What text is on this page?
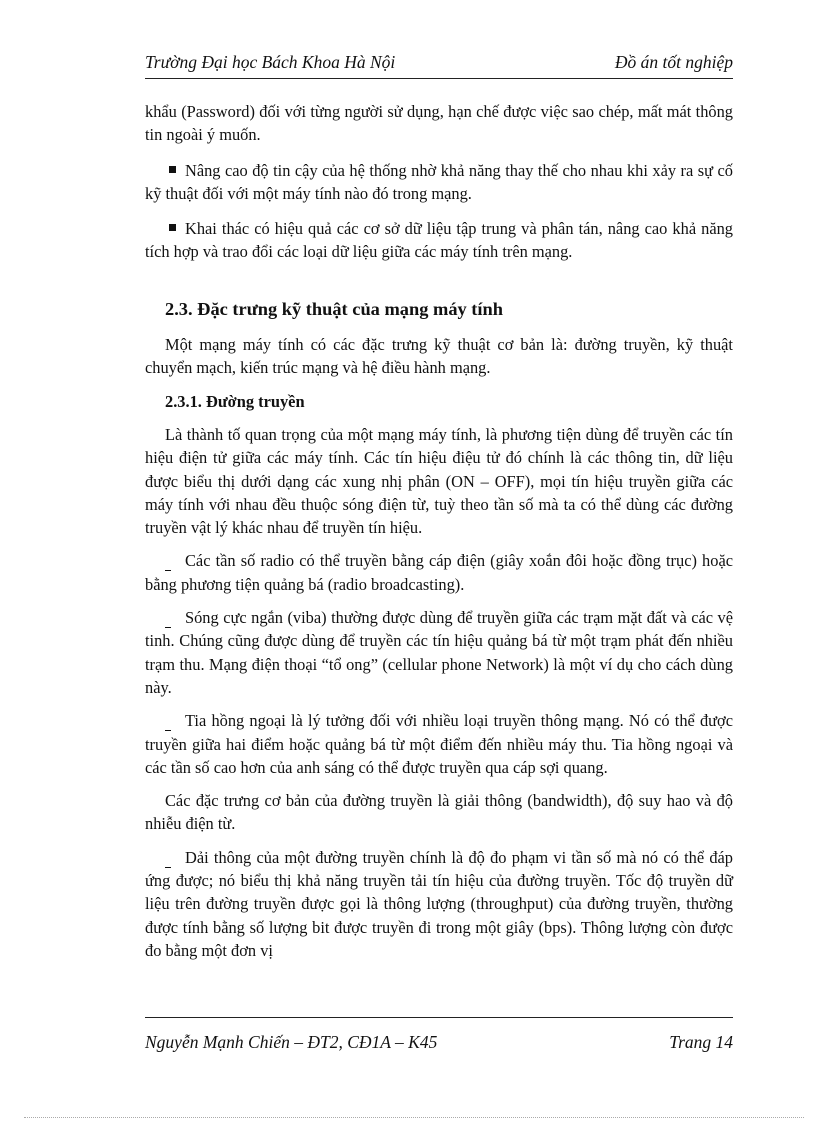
Trường Đại học Bách Khoa Hà Nội	Đồ án tốt nghiệp

khẩu (Password) đối với từng người sử dụng, hạn chế được việc sao chép, mất mát thông tin ngoài ý muốn.

Nâng cao độ tin cậy của hệ thống nhờ khả năng thay thế cho nhau khi xảy ra sự cố kỹ thuật đối với một máy tính nào đó trong mạng.

Khai thác có hiệu quả các cơ sở dữ liệu tập trung và phân tán, nâng cao khả năng tích hợp và trao đổi các loại dữ liệu giữa các máy tính trên mạng.

2.3. Đặc trưng kỹ thuật của mạng máy tính

Một mạng máy tính có các đặc trưng kỹ thuật cơ bản là: đường truyền, kỹ thuật chuyển mạch, kiến trúc mạng và hệ điều hành mạng.

2.3.1. Đường truyền

Là thành tố quan trọng của một mạng máy tính, là phương tiện dùng để truyền các tín hiệu điện tử giữa các máy tính. Các tín hiệu điệu tử đó chính là các thông tin, dữ liệu được biểu thị dưới dạng các xung nhị phân (ON – OFF), mọi tín hiệu truyền giữa các máy tính với nhau đều thuộc sóng điện từ, tuỳ theo tần số mà ta có thể dùng các đường truyền vật lý khác nhau để truyền tín hiệu.

Các tần số radio có thể truyền bằng cáp điện (giây xoắn đôi hoặc đồng trục) hoặc bằng phương tiện quảng bá (radio broadcasting).

Sóng cực ngắn (viba) thường được dùng để truyền giữa các trạm mặt đất và các vệ tinh. Chúng cũng được dùng để truyền các tín hiệu quảng bá từ một trạm phát đến nhiều trạm thu. Mạng điện thoại “tổ ong” (cellular phone Network) là một ví dụ cho cách dùng này.

Tia hồng ngoại là lý tưởng đối với nhiều loại truyền thông mạng. Nó có thể được truyền giữa hai điểm hoặc quảng bá từ một điểm đến nhiều máy thu. Tia hồng ngoại và các tần số cao hơn của anh sáng có thể được truyền qua cáp sợi quang.

Các đặc trưng cơ bản của đường truyền là giải thông (bandwidth), độ suy hao và độ nhiễu điện từ.

Dải thông của một đường truyền chính là độ đo phạm vi tần số mà nó có thể đáp ứng được; nó biểu thị khả năng truyền tải tín hiệu của đường truyền. Tốc độ truyền dữ liệu trên đường truyền được gọi là thông lượng (throughput) của đường truyền, thường được tính bằng số lượng bit được truyền đi trong một giây (bps). Thông lượng còn được đo bằng một đơn vị

Nguyễn Mạnh Chiến – ĐT2, CĐ1A – K45	Trang 14
